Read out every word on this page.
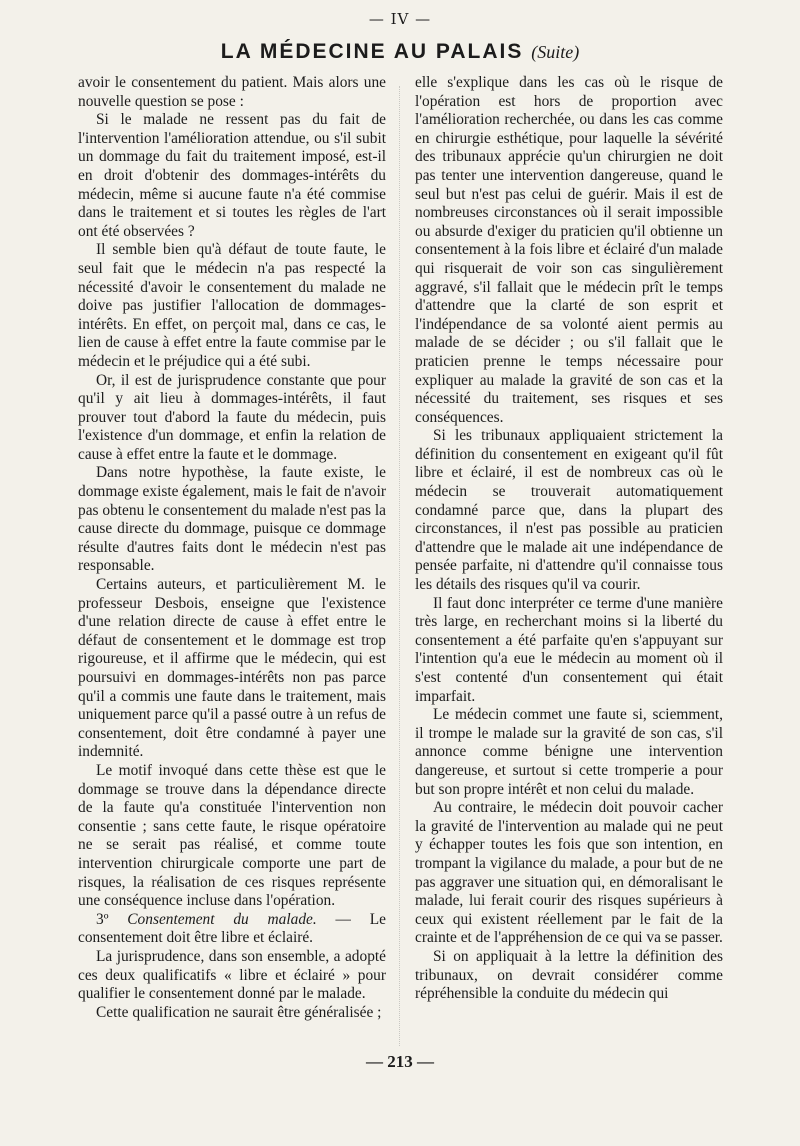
— IV —
LA MÉDECINE AU PALAIS (Suite)

avoir le consentement du patient. Mais alors une nouvelle question se pose :

Si le malade ne ressent pas du fait de l'intervention l'amélioration attendue, ou s'il subit un dommage du fait du traitement imposé, est-il en droit d'obtenir des dommages-intérêts du médecin, même si aucune faute n'a été commise dans le traitement et si toutes les règles de l'art ont été observées ?

Il semble bien qu'à défaut de toute faute, le seul fait que le médecin n'a pas respecté la nécessité d'avoir le consentement du malade ne doive pas justifier l'allocation de dommages-intérêts. En effet, on perçoit mal, dans ce cas, le lien de cause à effet entre la faute commise par le médecin et le préjudice qui a été subi.

Or, il est de jurisprudence constante que pour qu'il y ait lieu à dommages-intérêts, il faut prouver tout d'abord la faute du médecin, puis l'existence d'un dommage, et enfin la relation de cause à effet entre la faute et le dommage.

Dans notre hypothèse, la faute existe, le dommage existe également, mais le fait de n'avoir pas obtenu le consentement du malade n'est pas la cause directe du dommage, puisque ce dommage résulte d'autres faits dont le médecin n'est pas responsable.

Certains auteurs, et particulièrement M. le professeur Desbois, enseigne que l'existence d'une relation directe de cause à effet entre le défaut de consentement et le dommage est trop rigoureuse, et il affirme que le médecin, qui est poursuivi en dommages-intérêts non pas parce qu'il a commis une faute dans le traitement, mais uniquement parce qu'il a passé outre à un refus de consentement, doit être condamné à payer une indemnité.

Le motif invoqué dans cette thèse est que le dommage se trouve dans la dépendance directe de la faute qu'a constituée l'intervention non consentie ; sans cette faute, le risque opératoire ne se serait pas réalisé, et comme toute intervention chirurgicale comporte une part de risques, la réalisation de ces risques représente une conséquence incluse dans l'opération.

3º Consentement du malade. — Le consentement doit être libre et éclairé.

La jurisprudence, dans son ensemble, a adopté ces deux qualificatifs « libre et éclairé » pour qualifier le consentement donné par le malade.

Cette qualification ne saurait être généralisée ;

elle s'explique dans les cas où le risque de l'opération est hors de proportion avec l'amélioration recherchée, ou dans les cas comme en chirurgie esthétique, pour laquelle la sévérité des tribunaux apprécie qu'un chirurgien ne doit pas tenter une intervention dangereuse, quand le seul but n'est pas celui de guérir. Mais il est de nombreuses circonstances où il serait impossible ou absurde d'exiger du praticien qu'il obtienne un consentement à la fois libre et éclairé d'un malade qui risquerait de voir son cas singulièrement aggravé, s'il fallait que le médecin prît le temps d'attendre que la clarté de son esprit et l'indépendance de sa volonté aient permis au malade de se décider ; ou s'il fallait que le praticien prenne le temps nécessaire pour expliquer au malade la gravité de son cas et la nécessité du traitement, ses risques et ses conséquences.

Si les tribunaux appliquaient strictement la définition du consentement en exigeant qu'il fût libre et éclairé, il est de nombreux cas où le médecin se trouverait automatiquement condamné parce que, dans la plupart des circonstances, il n'est pas possible au praticien d'attendre que le malade ait une indépendance de pensée parfaite, ni d'attendre qu'il connaisse tous les détails des risques qu'il va courir.

Il faut donc interpréter ce terme d'une manière très large, en recherchant moins si la liberté du consentement a été parfaite qu'en s'appuyant sur l'intention qu'a eue le médecin au moment où il s'est contenté d'un consentement qui était imparfait.

Le médecin commet une faute si, sciemment, il trompe le malade sur la gravité de son cas, s'il annonce comme bénigne une intervention dangereuse, et surtout si cette tromperie a pour but son propre intérêt et non celui du malade.

Au contraire, le médecin doit pouvoir cacher la gravité de l'intervention au malade qui ne peut y échapper toutes les fois que son intention, en trompant la vigilance du malade, a pour but de ne pas aggraver une situation qui, en démoralisant le malade, lui ferait courir des risques supérieurs à ceux qui existent réellement par le fait de la crainte et de l'appréhension de ce qui va se passer.

Si on appliquait à la lettre la définition des tribunaux, on devrait considérer comme répréhensible la conduite du médecin qui

— 213 —
